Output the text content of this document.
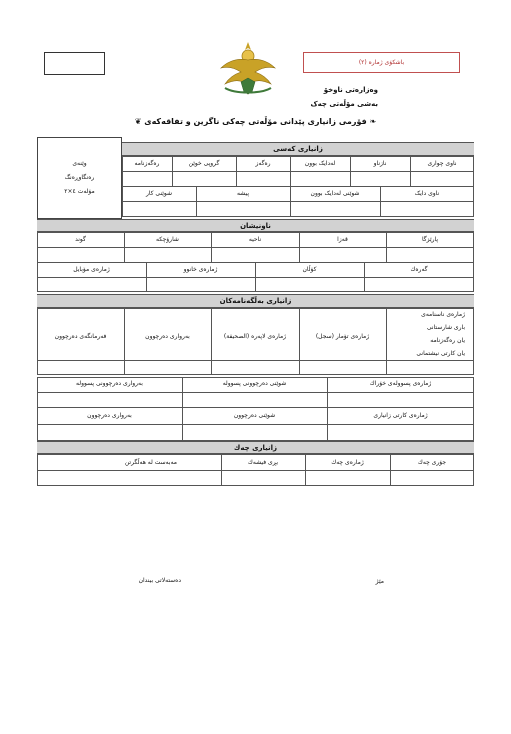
باشکۆی ژمارە (٢)
وەزارەتی ناوخۆ
بەشی مۆڵەتی چەک
❧ فۆرمی زانیاری پێدانی مۆڵەتی چەکی ناگرین و تفاقەکەی ❦
وێنەی
رەنگاوڕەنگ
مۆلەت ٤×٢
زانیاری کەسی
ناوی چواری
نازناو
لەدایک بوون
رەگەز
گروپی خوێن
رەگەزنامە
ناوی دایک
شوێنی لەدایک بوون
پیشە
شوێنی کار
ناونیشان
پارێزگا
قەزا
ناحیە
شارۆچکە
گوند
گەرەك
كۆڵان
ژمارەی خانوو
ژمارەی مۆبایل
زانیاری بەڵگەنامەكان
ژمارەی ناسنامەی
باری شارستانی
یان رەگەزنامە
یان کارتی نیشتمانی
ژمارەی تۆمار (سجل)
ژمارەی لاپەرە (الصحیفة)
بەرواری دەرچوون
فەرمانگەی دەرچوون
ژمارەی پسوولەی خۆراك
شوێنی دەرچوونی پسوولە
بەرواری دەرچوونی پسوولە
ژمارەی كارتی زانیاری
شوێنی دەرچوون
بەرواری دەرچوون
زانیاری چەك
جۆری چەك
ژمارەی چەك
بڕی فیشەك
مەبەست لە هەڵگرتن
مێژ
دەستەلاتی بیندان
